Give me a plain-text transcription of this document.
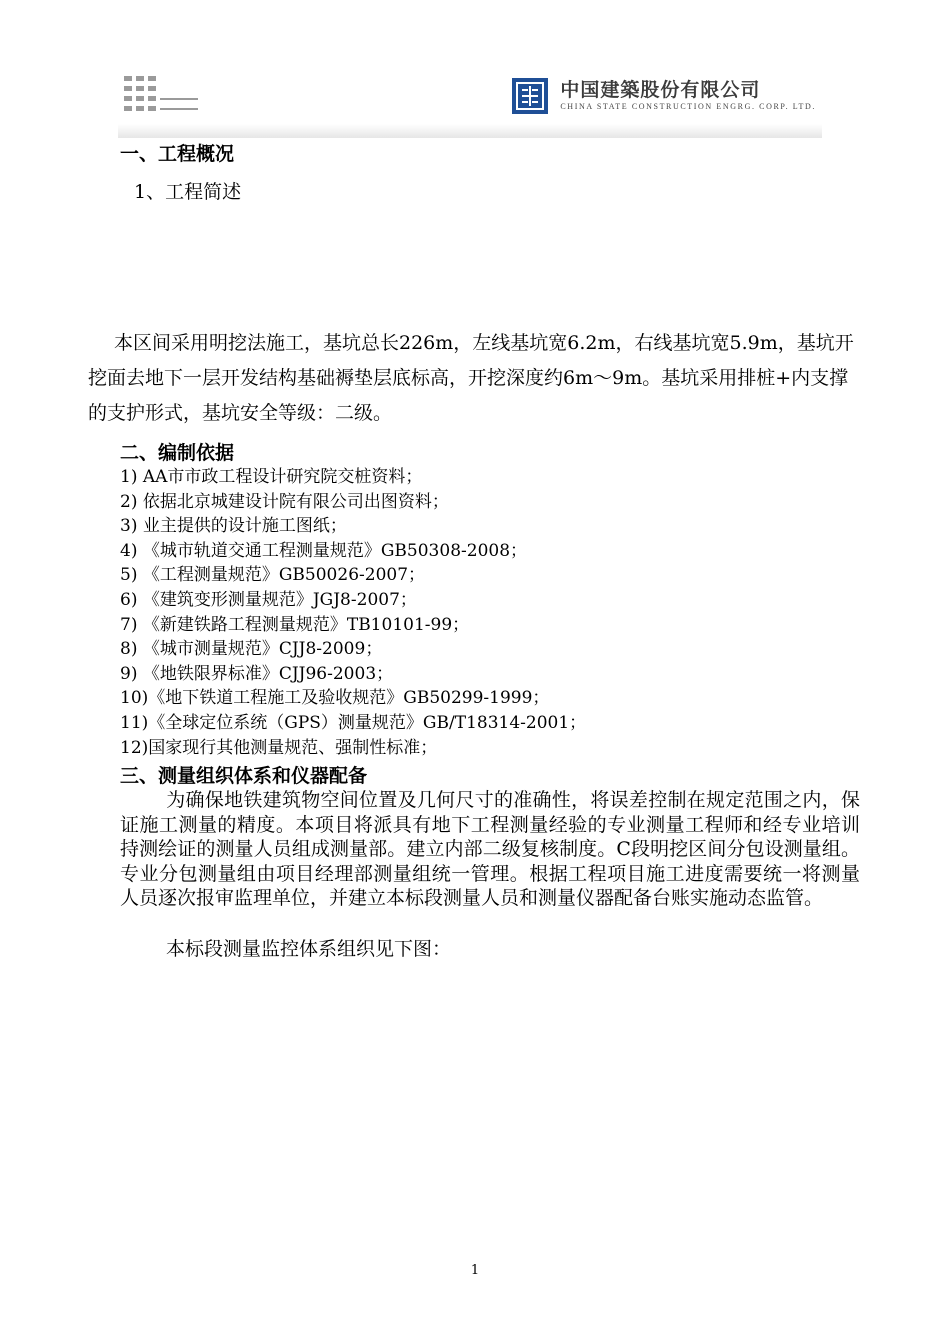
中国建築股份有限公司
CHINA STATE CONSTRUCTION ENGRG. CORP. LTD.
一、工程概况
1、工程简述
本区间采用明挖法施工，基坑总长226m，左线基坑宽6.2m，右线基坑宽5.9m，基坑开挖面去地下一层开发结构基础褥垫层底标高，开挖深度约6m～9m。基坑采用排桩+内支撑的支护形式，基坑安全等级：二级。
二、编制依据
1) AA市市政工程设计研究院交桩资料；
2) 依据北京城建设计院有限公司出图资料；
3) 业主提供的设计施工图纸；
4) 《城市轨道交通工程测量规范》GB50308-2008；
5) 《工程测量规范》GB50026-2007；
6) 《建筑变形测量规范》JGJ8-2007；
7) 《新建铁路工程测量规范》TB10101-99；
8) 《城市测量规范》CJJ8-2009；
9) 《地铁限界标准》CJJ96-2003；
10)《地下铁道工程施工及验收规范》GB50299-1999；
11)《全球定位系统（GPS）测量规范》GB/T18314-2001；
12)国家现行其他测量规范、强制性标准；
三、测量组织体系和仪器配备
为确保地铁建筑物空间位置及几何尺寸的准确性，将误差控制在规定范围之内，保证施工测量的精度。本项目将派具有地下工程测量经验的专业测量工程师和经专业培训持测绘证的测量人员组成测量部。建立内部二级复核制度。C段明挖区间分包设测量组。专业分包测量组由项目经理部测量组统一管理。根据工程项目施工进度需要统一将测量人员逐次报审监理单位，并建立本标段测量人员和测量仪器配备台账实施动态监管。
本标段测量监控体系组织见下图：
1
